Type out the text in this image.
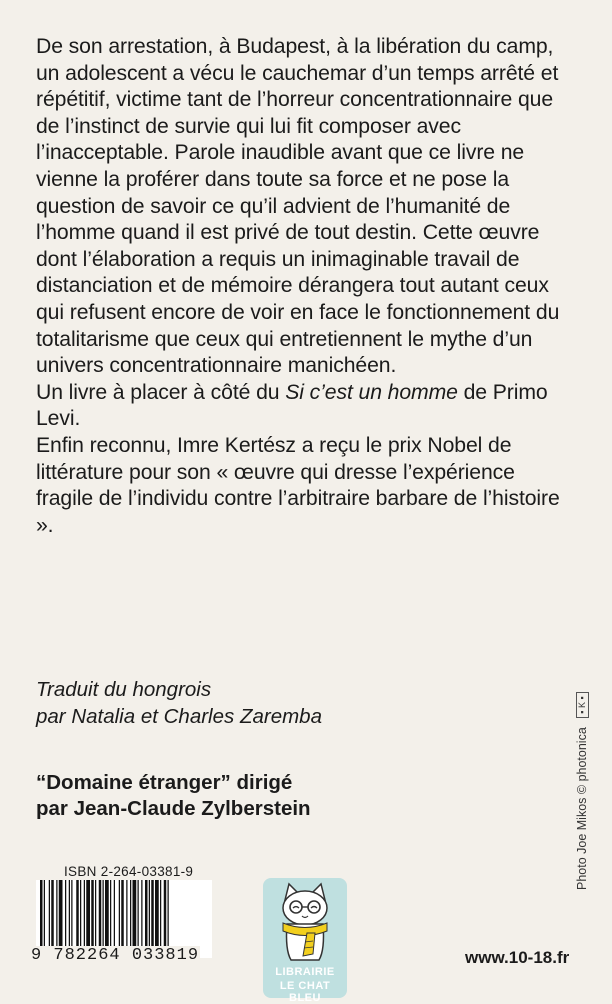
De son arrestation, à Budapest, à la libération du camp, un adolescent a vécu le cauchemar d’un temps arrêté et répétitif, victime tant de l’horreur concentrationnaire que de l’instinct de survie qui lui fit composer avec l’inacceptable. Parole inaudible avant que ce livre ne vienne la proférer dans toute sa force et ne pose la question de savoir ce qu’il advient de l’humanité de l’homme quand il est privé de tout destin. Cette œuvre dont l’élaboration a requis un inimaginable travail de distanciation et de mémoire dérangera tout autant ceux qui refusent encore de voir en face le fonctionnement du totalitarisme que ceux qui entretiennent le mythe d’un univers concentrationnaire manichéen.

Un livre à placer à côté du Si c’est un homme de Primo Levi.

Enfin reconnu, Imre Kertész a reçu le prix Nobel de littérature pour son « œuvre qui dresse l’expérience fragile de l’individu contre l’arbitraire barbare de l’histoire ».

Traduit du hongrois
par Natalia et Charles Zaremba
“Domaine étranger” dirigé
par Jean-Claude Zylberstein	Photo Joe Mikos © photonica ▪ K ▪
ISBN 2-264-03381-9
9 782264 033819
LIBRAIRIE
LE CHAT BLEU
www.10-18.fr
